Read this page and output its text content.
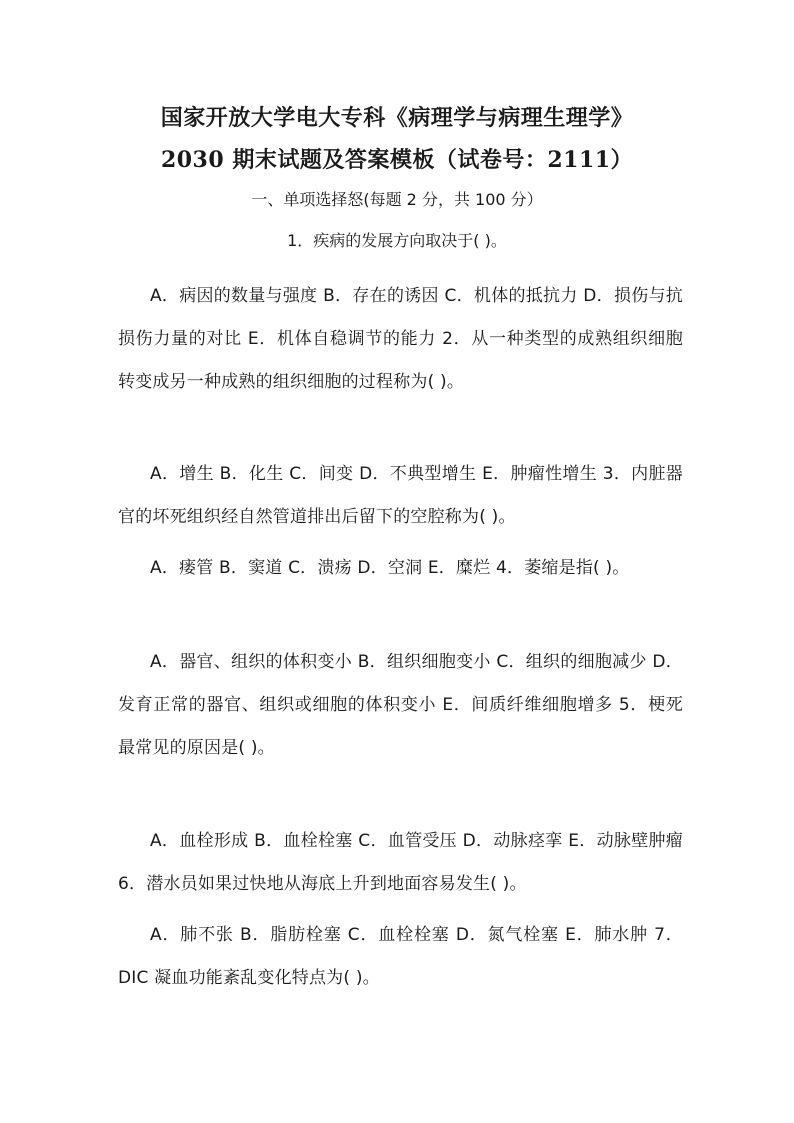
国家开放大学电大专科《病理学与病理生理学》
2030 期末试题及答案模板（试卷号：2111）

一、单项选择怒(每题 2 分，共 100 分）

1．疾病的发展方向取决于( )。

A．病因的数量与强度 B．存在的诱因 C．机体的抵抗力 D．损伤与抗损伤力量的对比 E．机体自稳调节的能力 2．从一种类型的成熟组织细胞转变成另一种成熟的组织细胞的过程称为( )。

A．增生 B．化生 C．间变 D．不典型增生 E．肿瘤性增生 3．内脏器官的坏死组织经自然管道排出后留下的空腔称为( )。

A．瘘管 B．窦道 C．溃疡 D．空洞 E．糜烂 4．萎缩是指( )。

A．器官、组织的体积变小 B．组织细胞变小 C．组织的细胞减少 D．发育正常的器官、组织或细胞的体积变小 E．间质纤维细胞增多 5．梗死最常见的原因是( )。

A．血栓形成 B．血栓栓塞 C．血管受压 D．动脉痉挛 E．动脉壁肿瘤 6．潜水员如果过快地从海底上升到地面容易发生( )。

A．肺不张 B．脂肪栓塞 C．血栓栓塞 D．氮气栓塞 E．肺水肿 7．DIC 凝血功能紊乱变化特点为( )。
